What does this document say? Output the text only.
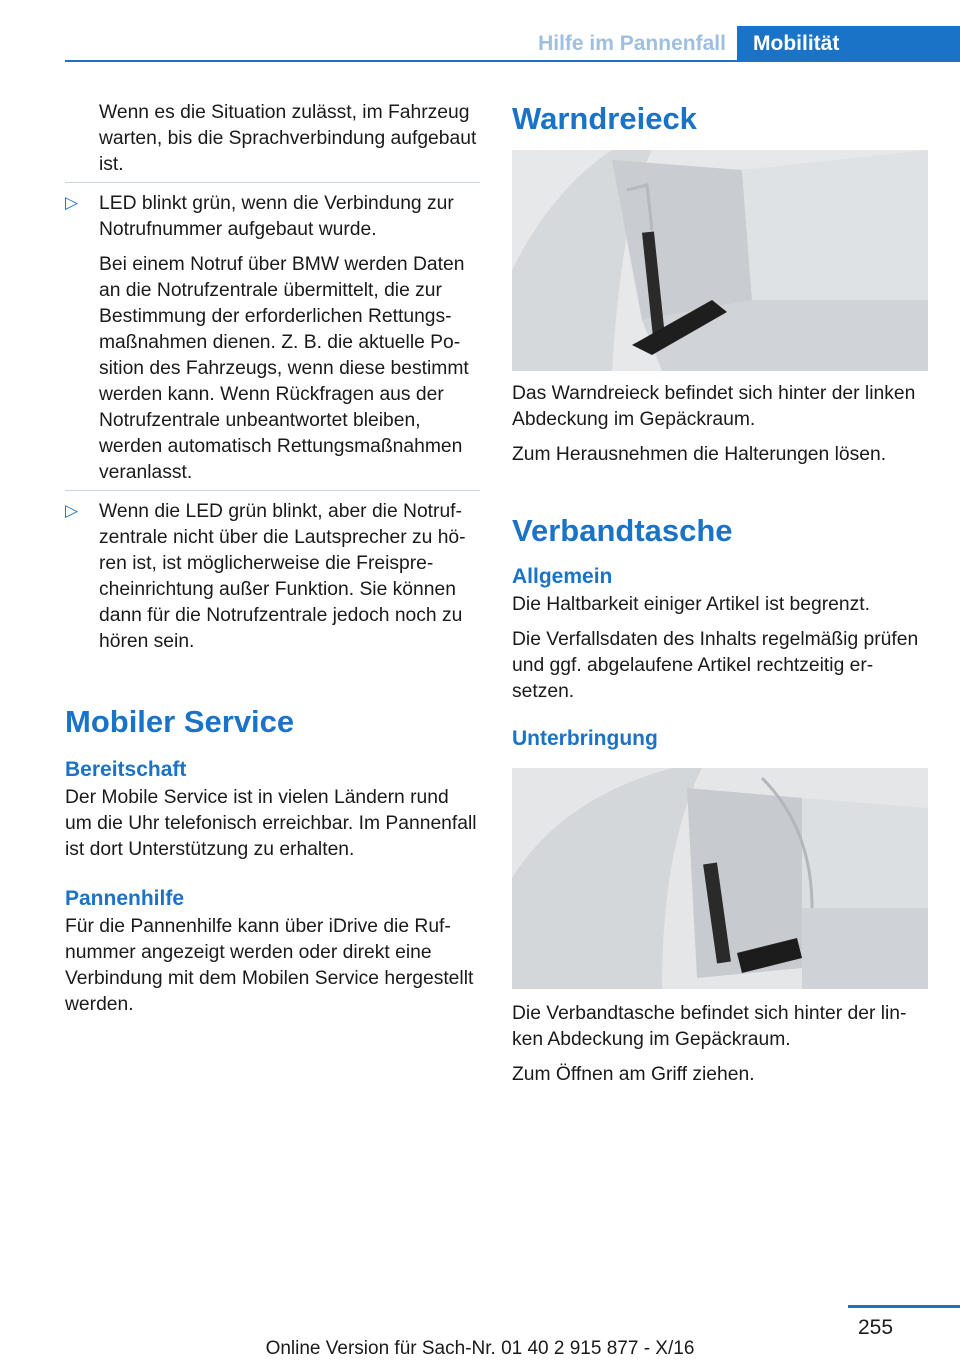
Hilfe im Pannenfall	Mobilität

Wenn es die Situation zulässt, im Fahrzeug warten, bis die Sprachverbindung aufgebaut ist.

▷ LED blinkt grün, wenn die Verbindung zur Notrufnummer aufgebaut wurde.

Bei einem Notruf über BMW werden Daten an die Notrufzentrale übermittelt, die zur Bestimmung der erforderlichen Rettungsmaßnahmen dienen. Z. B. die aktuelle Position des Fahrzeugs, wenn diese bestimmt werden kann. Wenn Rückfragen aus der Notrufzentrale unbeantwortet bleiben, werden automatisch Rettungsmaßnahmen veranlasst.

▷ Wenn die LED grün blinkt, aber die Notrufzentrale nicht über die Lautsprecher zu hören ist, ist möglicherweise die Freisprecheinrichtung außer Funktion. Sie können dann für die Notrufzentrale jedoch noch zu hören sein.

Mobiler Service
Bereitschaft

Der Mobile Service ist in vielen Ländern rund um die Uhr telefonisch erreichbar. Im Pannenfall ist dort Unterstützung zu erhalten.

Pannenhilfe

Für die Pannenhilfe kann über iDrive die Rufnummer angezeigt werden oder direkt eine Verbindung mit dem Mobilen Service hergestellt werden.

Warndreieck

Das Warndreieck befindet sich hinter der linken Abdeckung im Gepäckraum.

Zum Herausnehmen die Halterungen lösen.

Verbandtasche
Allgemein

Die Haltbarkeit einiger Artikel ist begrenzt.

Die Verfallsdaten des Inhalts regelmäßig prüfen und ggf. abgelaufene Artikel rechtzeitig ersetzen.

Unterbringung

Die Verbandtasche befindet sich hinter der linken Abdeckung im Gepäckraum.

Zum Öffnen am Griff ziehen.

255
Online Version für Sach-Nr. 01 40 2 915 877 - X/16
